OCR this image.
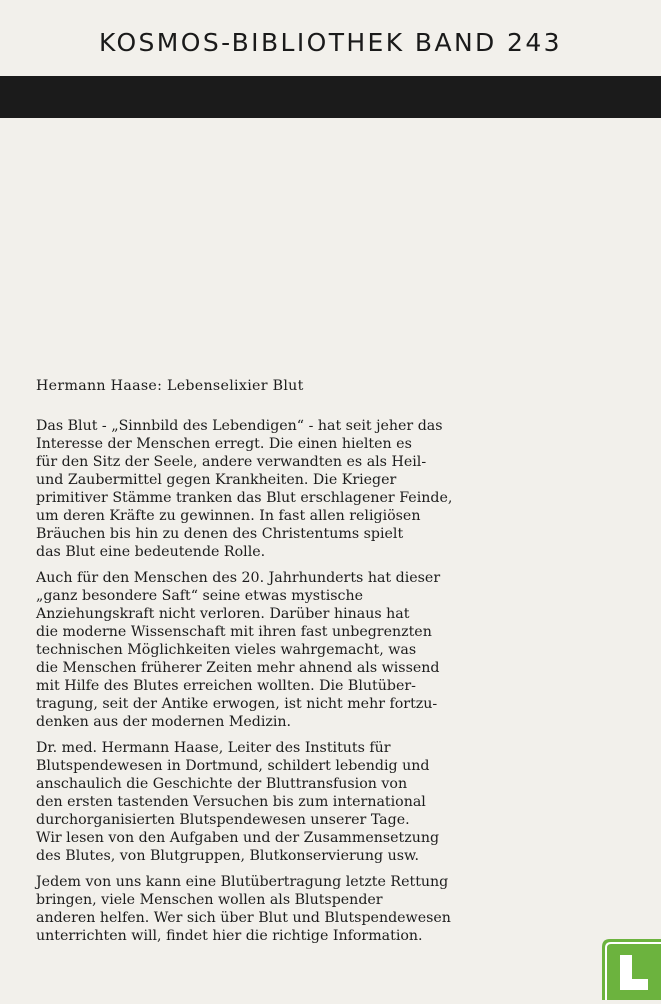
KOSMOS-BIBLIOTHEK BAND 243
Hermann Haase: Lebenselixier Blut
Das Blut - „Sinnbild des Lebendigen“ - hat seit jeher das
Interesse der Menschen erregt. Die einen hielten es
für den Sitz der Seele, andere verwandten es als Heil-
und Zaubermittel gegen Krankheiten. Die Krieger
primitiver Stämme tranken das Blut erschlagener Feinde,
um deren Kräfte zu gewinnen. In fast allen religiösen
Bräuchen bis hin zu denen des Christentums spielt
das Blut eine bedeutende Rolle.
Auch für den Menschen des 20. Jahrhunderts hat dieser
„ganz besondere Saft“ seine etwas mystische
Anziehungskraft nicht verloren. Darüber hinaus hat
die moderne Wissenschaft mit ihren fast unbegrenzten
technischen Möglichkeiten vieles wahrgemacht, was
die Menschen früherer Zeiten mehr ahnend als wissend
mit Hilfe des Blutes erreichen wollten. Die Blutüber-
tragung, seit der Antike erwogen, ist nicht mehr fortzu-
denken aus der modernen Medizin.
Dr. med. Hermann Haase, Leiter des Instituts für
Blutspendewesen in Dortmund, schildert lebendig und
anschaulich die Geschichte der Bluttransfusion von
den ersten tastenden Versuchen bis zum international
durchorganisierten Blutspendewesen unserer Tage.
Wir lesen von den Aufgaben und der Zusammensetzung
des Blutes, von Blutgruppen, Blutkonservierung usw.
Jedem von uns kann eine Blutübertragung letzte Rettung
bringen, viele Menschen wollen als Blutspender
anderen helfen. Wer sich über Blut und Blutspendewesen
unterrichten will, findet hier die richtige Information.
